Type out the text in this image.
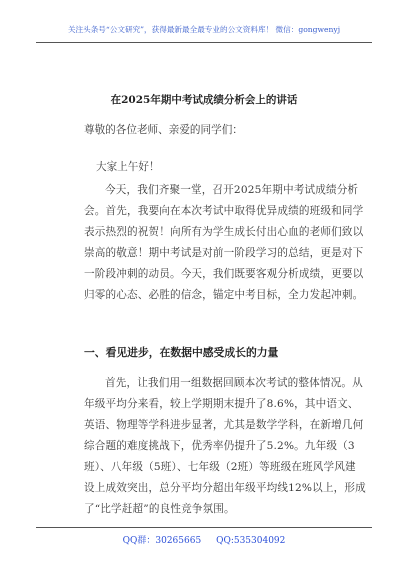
关注头条号“公文研究”，获得最新最全最专业的公文资料库！ 微信：gongwenyj
在2025年期中考试成绩分析会上的讲话
尊敬的各位老师、亲爱的同学们：
大家上午好！

今天，我们齐聚一堂，召开2025年期中考试成绩分析会。首先，我要向在本次考试中取得优异成绩的班级和同学表示热烈的祝贺！向所有为学生成长付出心血的老师们致以崇高的敬意！期中考试是对前一阶段学习的总结，更是对下一阶段冲刺的动员。今天，我们既要客观分析成绩，更要以归零的心态、必胜的信念，锚定中考目标，全力发起冲刺。

一、看见进步，在数据中感受成长的力量

首先，让我们用一组数据回顾本次考试的整体情况。从年级平均分来看，较上学期期末提升了8.6%，其中语文、英语、物理等学科进步显著，尤其是数学学科，在新增几何综合题的难度挑战下，优秀率仍提升了5.2%。九年级（3班）、八年级（5班）、七年级（2班）等班级在班风学风建设上成效突出，总分平均分超出年级平均线12%以上，形成了“比学赶超”的良性竞争氛围。

QQ群：30265665 QQ:535304092
